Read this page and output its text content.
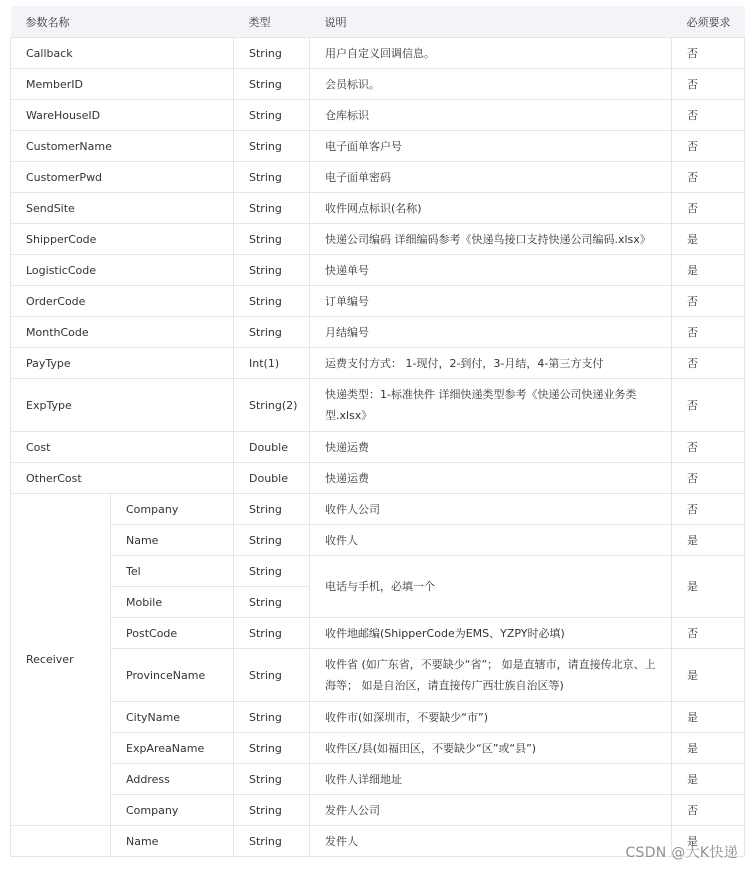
参数名称		类型	说明	必须要求
Callback		String	用户自定义回调信息。	否
MemberID		String	会员标识。	否
WareHouseID		String	仓库标识	否
CustomerName		String	电子面单客户号	否
CustomerPwd		String	电子面单密码	否
SendSite		String	收件网点标识(名称)	否
ShipperCode		String	快递公司编码 详细编码参考《快递鸟接口支持快递公司编码.xlsx》	是
LogisticCode		String	快递单号	是
OrderCode		String	订单编号	否
MonthCode		String	月结编号	否
PayType		Int(1)	运费支付方式： 1-现付，2-到付，3-月结，4-第三方支付	否
ExpType		String(2)	快递类型：1-标准快件 详细快递类型参考《快递公司快递业务类型.xlsx》	否
Cost		Double	快递运费	否
OtherCost		Double	快递运费	否
Receiver	Company	String	收件人公司	否
	Name	String	收件人	是
	Tel	String	电话与手机，必填一个	是
	Mobile	String		
	PostCode	String	收件地邮编(ShipperCode为EMS、YZPY时必填)	否
	ProvinceName	String	收件省 (如广东省，不要缺少“省”； 如是直辖市，请直接传北京、上海等； 如是自治区，请直接传广西壮族自治区等)	是
	CityName	String	收件市(如深圳市，不要缺少“市”)	是
	ExpAreaName	String	收件区/县(如福田区，不要缺少“区”或“县”)	是
	Address	String	收件人详细地址	是
	Company	String	发件人公司	否
	Name	String	发件人	是
CSDN @大K快递
